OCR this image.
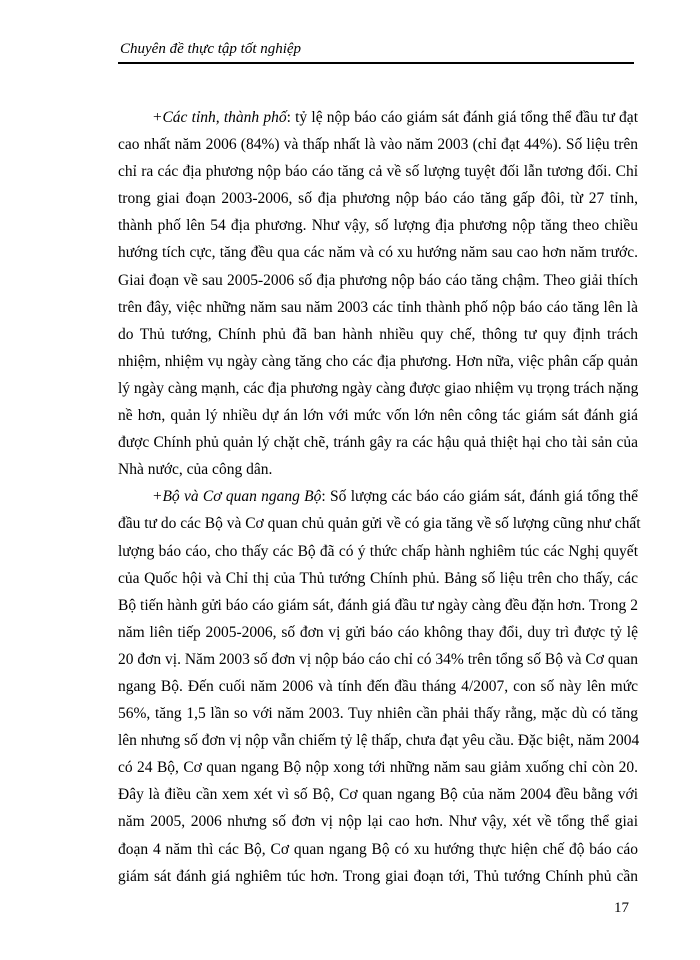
Chuyên đề thực tập tốt nghiệp
+Các tỉnh, thành phố: tỷ lệ nộp báo cáo giám sát đánh giá tổng thể đầu tư đạt
cao nhất năm 2006 (84%) và thấp nhất là vào năm 2003 (chỉ đạt 44%). Số liệu trên
chỉ ra các địa phương nộp báo cáo tăng cả về số lượng tuyệt đối lẫn tương đối. Chỉ
trong giai đoạn 2003-2006, số địa phương nộp báo cáo tăng gấp đôi, từ 27 tỉnh,
thành phố lên 54 địa phương. Như vậy, số lượng địa phương nộp tăng theo chiều
hướng tích cực, tăng đều qua các năm và có xu hướng năm sau cao hơn năm trước.
Giai đoạn về sau 2005-2006 số địa phương nộp báo cáo tăng chậm. Theo giải thích
trên đây, việc những năm sau năm 2003 các tỉnh thành phố nộp báo cáo tăng lên là
do Thủ tướng, Chính phủ đã ban hành nhiều quy chế, thông tư quy định trách
nhiệm, nhiệm vụ ngày càng tăng cho các địa phương. Hơn nữa, việc phân cấp quản
lý ngày càng mạnh, các địa phương ngày càng được giao nhiệm vụ trọng trách nặng
nề hơn, quản lý nhiều dự án lớn với mức vốn lớn nên công tác giám sát đánh giá
được Chính phủ quản lý chặt chẽ, tránh gây ra các hậu quả thiệt hại cho tài sản của
Nhà nước, của công dân.
+Bộ và Cơ quan ngang Bộ: Số lượng các báo cáo giám sát, đánh giá tổng thể
đầu tư do các Bộ và Cơ quan chủ quản gửi về có gia tăng về số lượng cũng như chất
lượng báo cáo, cho thấy các Bộ đã có ý thức chấp hành nghiêm túc các Nghị quyết
của Quốc hội và Chỉ thị của Thủ tướng Chính phủ. Bảng số liệu trên cho thấy, các
Bộ tiến hành gửi báo cáo giám sát, đánh giá đầu tư ngày càng đều đặn hơn. Trong 2
năm liên tiếp 2005-2006, số đơn vị gửi báo cáo không thay đổi, duy trì được tỷ lệ
20 đơn vị. Năm 2003 số đơn vị nộp báo cáo chỉ có 34% trên tổng số Bộ và Cơ quan
ngang Bộ. Đến cuối năm 2006 và tính đến đầu tháng 4/2007, con số này lên mức
56%, tăng 1,5 lần so với năm 2003. Tuy nhiên cần phải thấy rằng, mặc dù có tăng
lên nhưng số đơn vị nộp vẫn chiếm tỷ lệ thấp, chưa đạt yêu cầu. Đặc biệt, năm 2004
có 24 Bộ, Cơ quan ngang Bộ nộp xong tới những năm sau giảm xuống chỉ còn 20.
Đây là điều cần xem xét vì số Bộ, Cơ quan ngang Bộ của năm 2004 đều bằng với
năm 2005, 2006 nhưng số đơn vị nộp lại cao hơn. Như vậy, xét về tổng thể giai
đoạn 4 năm thì các Bộ, Cơ quan ngang Bộ có xu hướng thực hiện chế độ báo cáo
giám sát đánh giá nghiêm túc hơn. Trong giai đoạn tới, Thủ tướng Chính phủ cần
17
